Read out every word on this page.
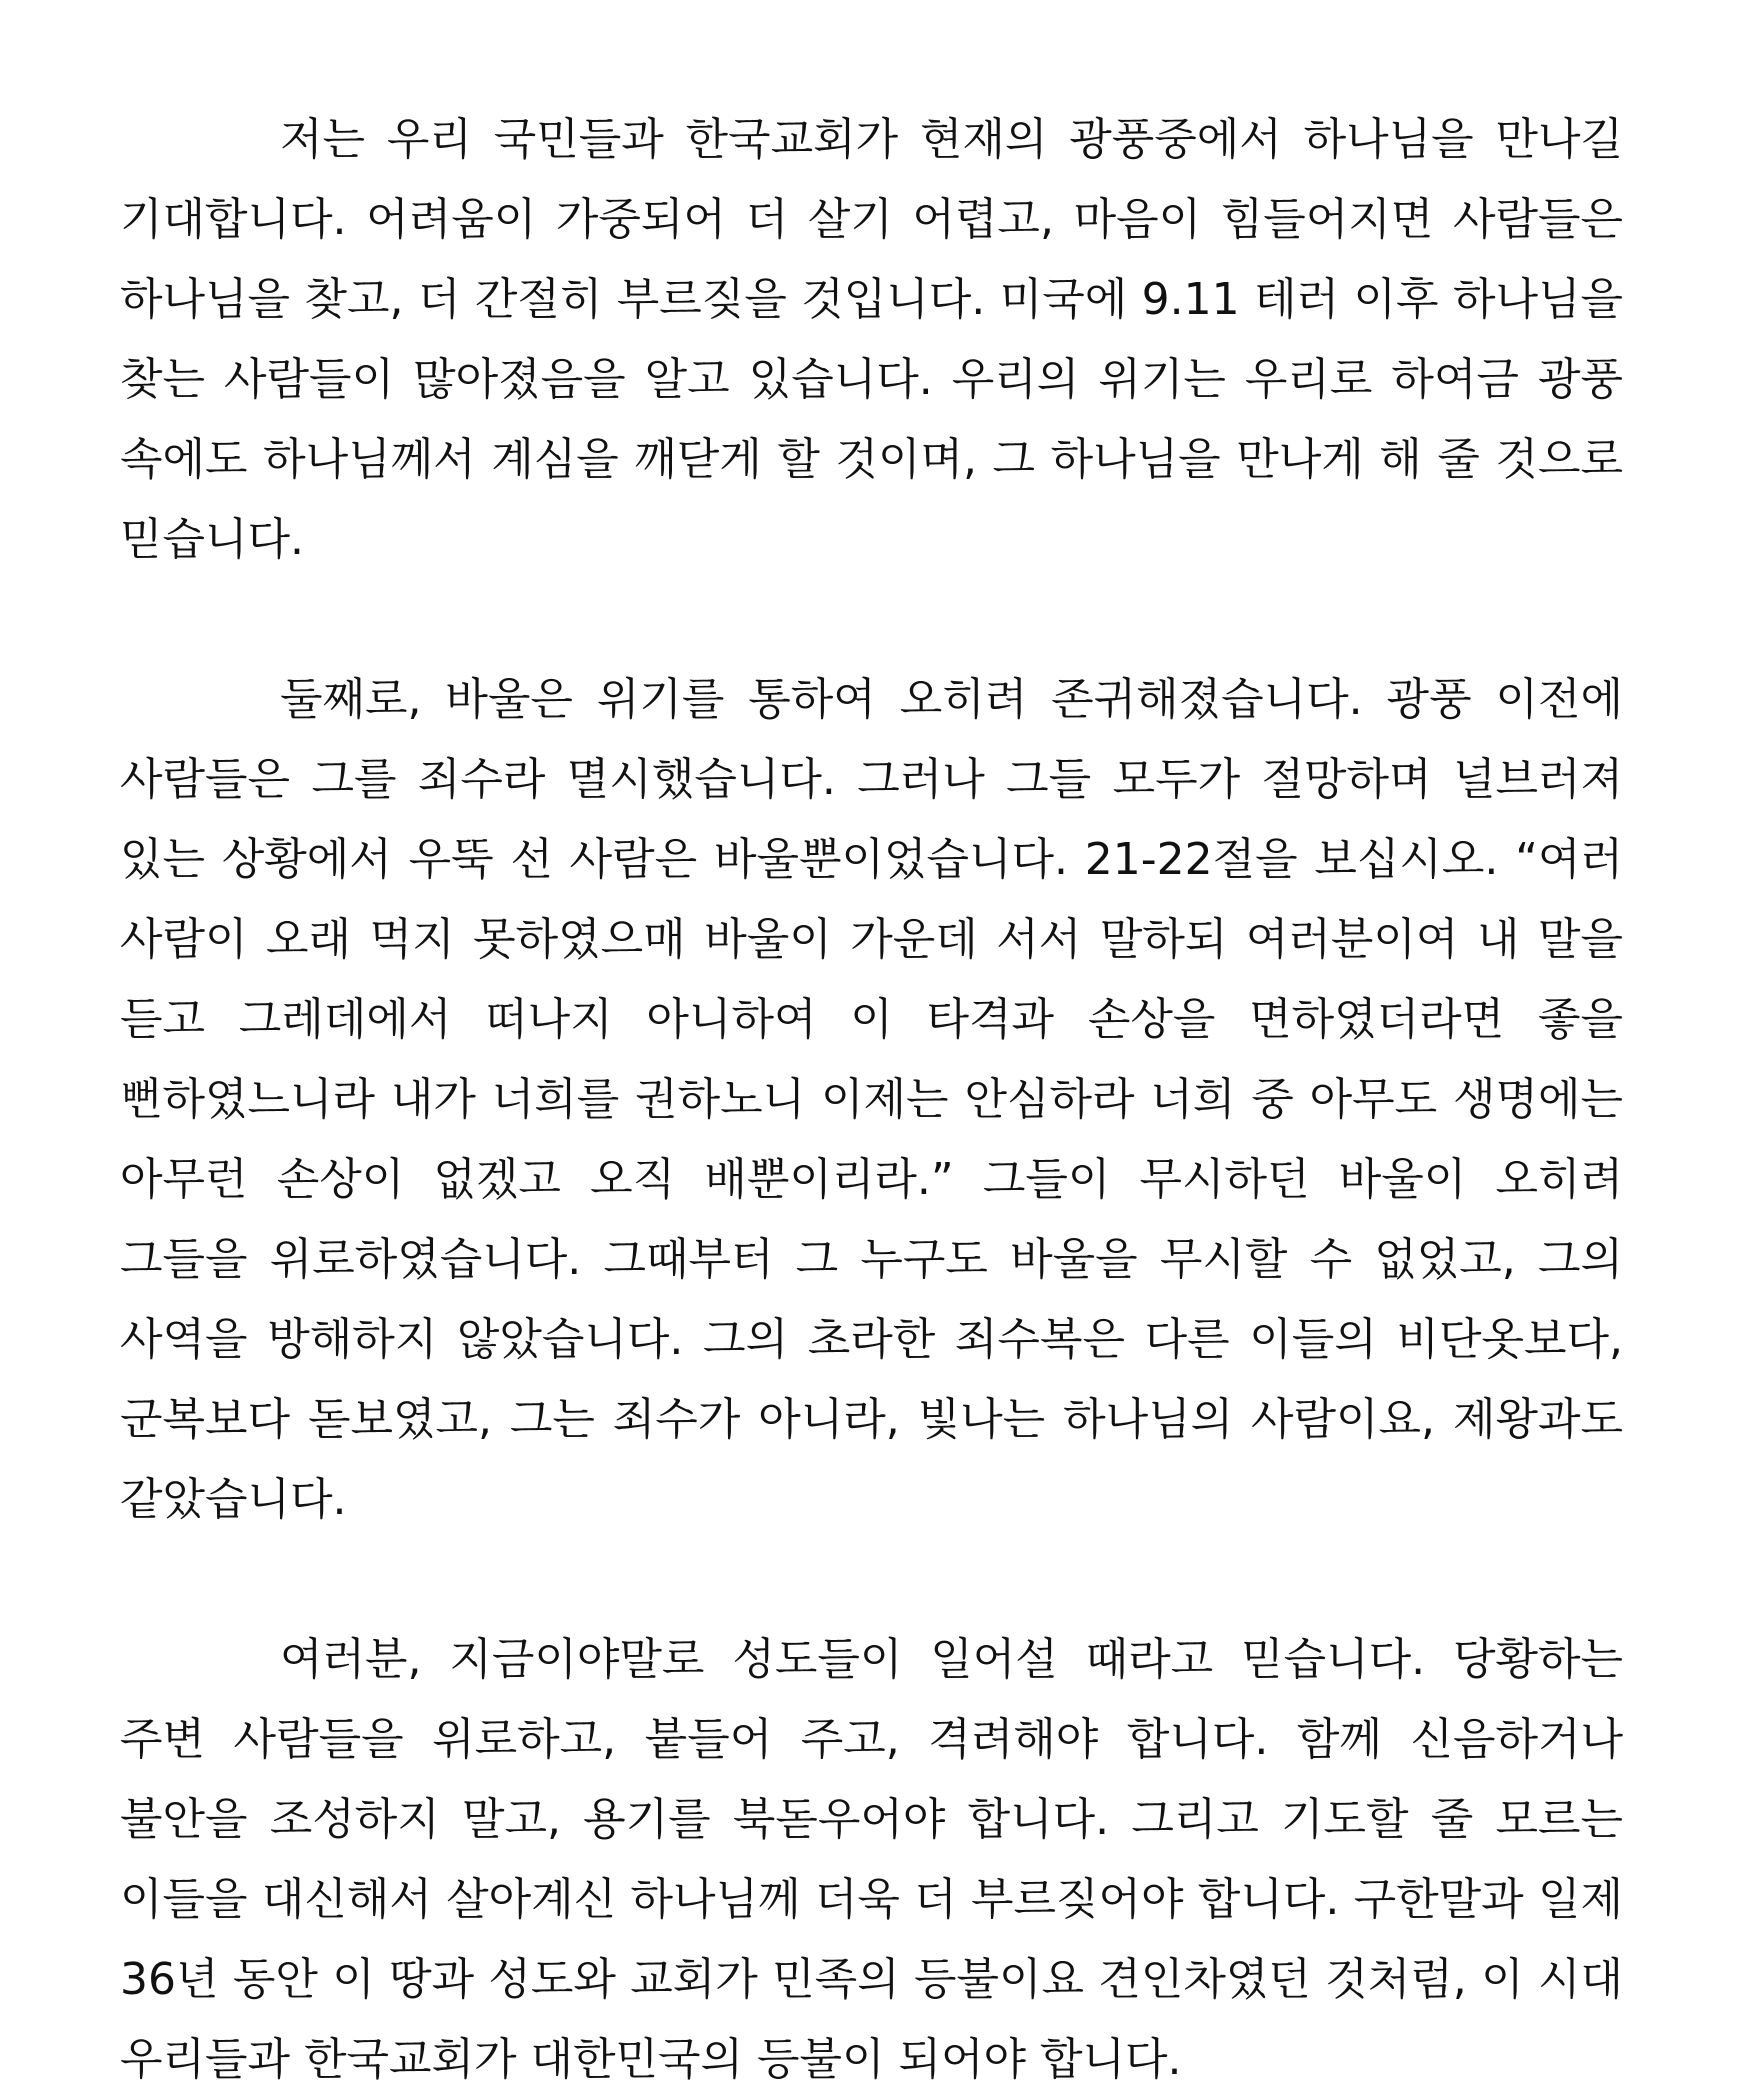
저는 우리 국민들과 한국교회가 현재의 광풍중에서 하나님을 만나길 기대합니다. 어려움이 가중되어 더 살기 어렵고, 마음이 힘들어지면 사람들은 하나님을 찾고, 더 간절히 부르짖을 것입니다. 미국에 9.11 테러 이후 하나님을 찾는 사람들이 많아졌음을 알고 있습니다. 우리의 위기는 우리로 하여금 광풍 속에도 하나님께서 계심을 깨닫게 할 것이며, 그 하나님을 만나게 해 줄 것으로 믿습니다.

둘째로, 바울은 위기를 통하여 오히려 존귀해졌습니다. 광풍 이전에 사람들은 그를 죄수라 멸시했습니다. 그러나 그들 모두가 절망하며 널브러져 있는 상황에서 우뚝 선 사람은 바울뿐이었습니다. 21-22절을 보십시오. “여러 사람이 오래 먹지 못하였으매 바울이 가운데 서서 말하되 여러분이여 내 말을 듣고 그레데에서 떠나지 아니하여 이 타격과 손상을 면하였더라면 좋을 뻔하였느니라 내가 너희를 권하노니 이제는 안심하라 너희 중 아무도 생명에는 아무런 손상이 없겠고 오직 배뿐이리라.” 그들이 무시하던 바울이 오히려 그들을 위로하였습니다. 그때부터 그 누구도 바울을 무시할 수 없었고, 그의 사역을 방해하지 않았습니다. 그의 초라한 죄수복은 다른 이들의 비단옷보다, 군복보다 돋보였고, 그는 죄수가 아니라, 빛나는 하나님의 사람이요, 제왕과도 같았습니다.

여러분, 지금이야말로 성도들이 일어설 때라고 믿습니다. 당황하는 주변 사람들을 위로하고, 붙들어 주고, 격려해야 합니다. 함께 신음하거나 불안을 조성하지 말고, 용기를 북돋우어야 합니다. 그리고 기도할 줄 모르는 이들을 대신해서 살아계신 하나님께 더욱 더 부르짖어야 합니다. 구한말과 일제 36년 동안 이 땅과 성도와 교회가 민족의 등불이요 견인차였던 것처럼, 이 시대 우리들과 한국교회가 대한민국의 등불이 되어야 합니다.
